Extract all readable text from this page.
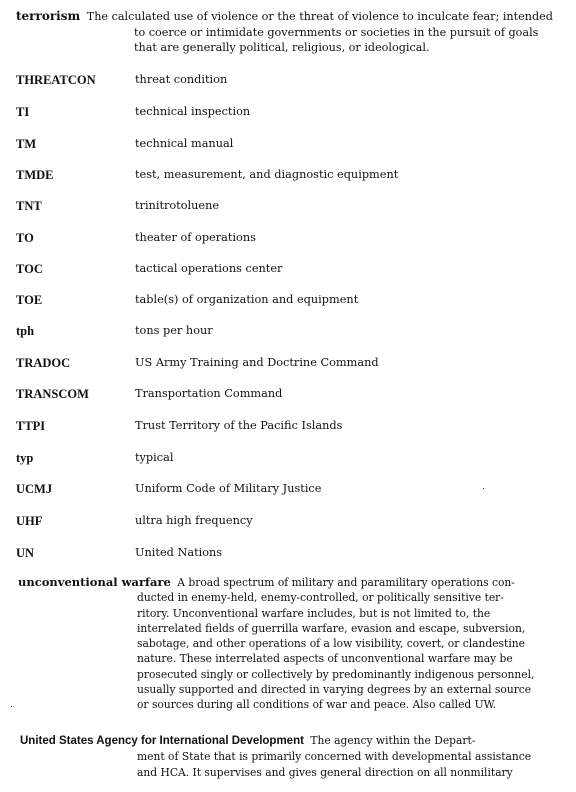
terrorism The calculated use of violence or the threat of violence to inculcate fear; intended
to coerce or intimidate governments or societies in the pursuit of goals
that are generally political, religious, or ideological.
THREATCON	threat condition
TI	technical inspection
TM	technical manual
TMDE	test, measurement, and diagnostic equipment
TNT	trinitrotoluene
TO	theater of operations
TOC	tactical operations center
TOE	table(s) of organization and equipment
tph	tons per hour
TRADOC	US Army Training and Doctrine Command
TRANSCOM	Transportation Command
TTPI	Trust Territory of the Pacific Islands
typ	typical
UCMJ	Uniform Code of Military Justice
UHF	ultra high frequency
UN	United Nations
unconventional warfare A broad spectrum of military and paramilitary operations con-
ducted in enemy-held, enemy-controlled, or politically sensitive ter-
ritory. Unconventional warfare includes, but is not limited to, the
interrelated fields of guerrilla warfare, evasion and escape, subversion,
sabotage, and other operations of a low visibility, covert, or clandestine
nature. These interrelated aspects of unconventional warfare may be
prosecuted singly or collectively by predominantly indigenous personnel,
usually supported and directed in varying degrees by an external source
or sources during all conditions of war and peace. Also called UW.
United States Agency for International Development The agency within the Depart-
ment of State that is primarily concerned with developmental assistance
and HCA. It supervises and gives general direction on all nonmilitary
